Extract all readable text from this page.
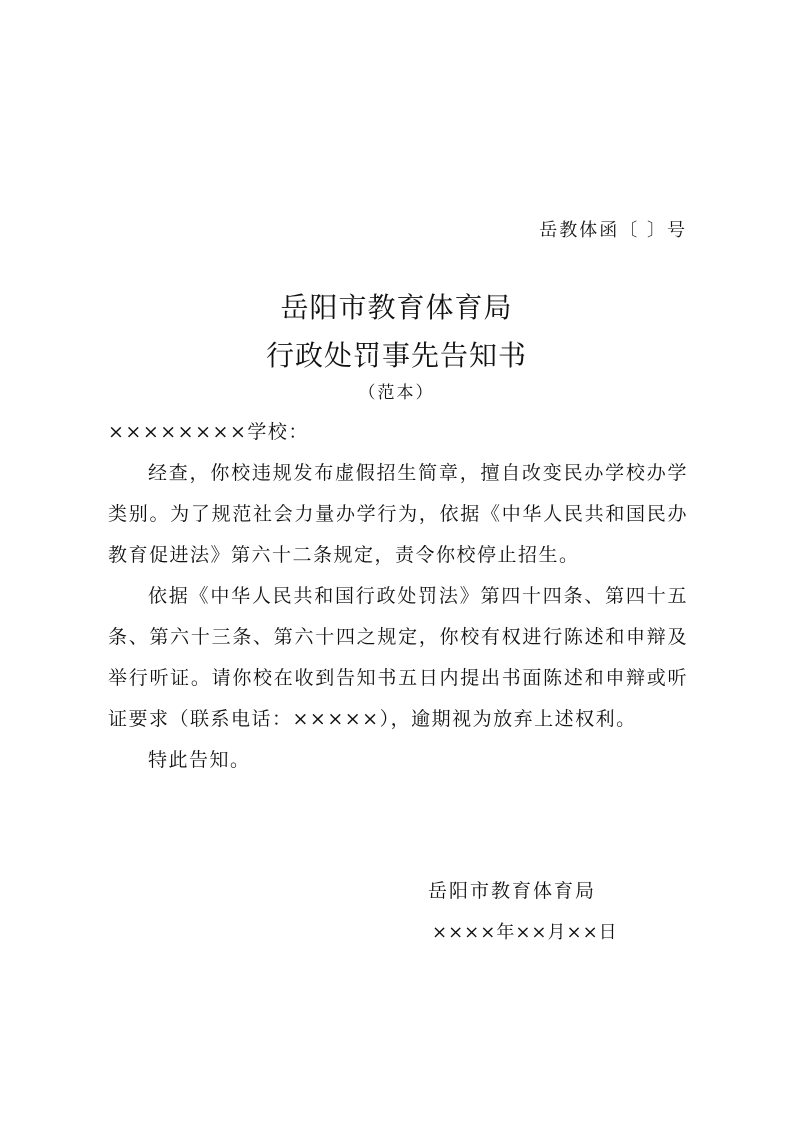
岳教体函〔 〕号
岳阳市教育体育局
行政处罚事先告知书
（范本）
××××××××学校：
经查，你校违规发布虚假招生简章，擅自改变民办学校办学类别。为了规范社会力量办学行为，依据《中华人民共和国民办教育促进法》第六十二条规定，责令你校停止招生。
依据《中华人民共和国行政处罚法》第四十四条、第四十五条、第六十三条、第六十四之规定，你校有权进行陈述和申辩及举行听证。请你校在收到告知书五日内提出书面陈述和申辩或听证要求（联系电话：×××××），逾期视为放弃上述权利。
特此告知。
岳阳市教育体育局
××××年××月××日
